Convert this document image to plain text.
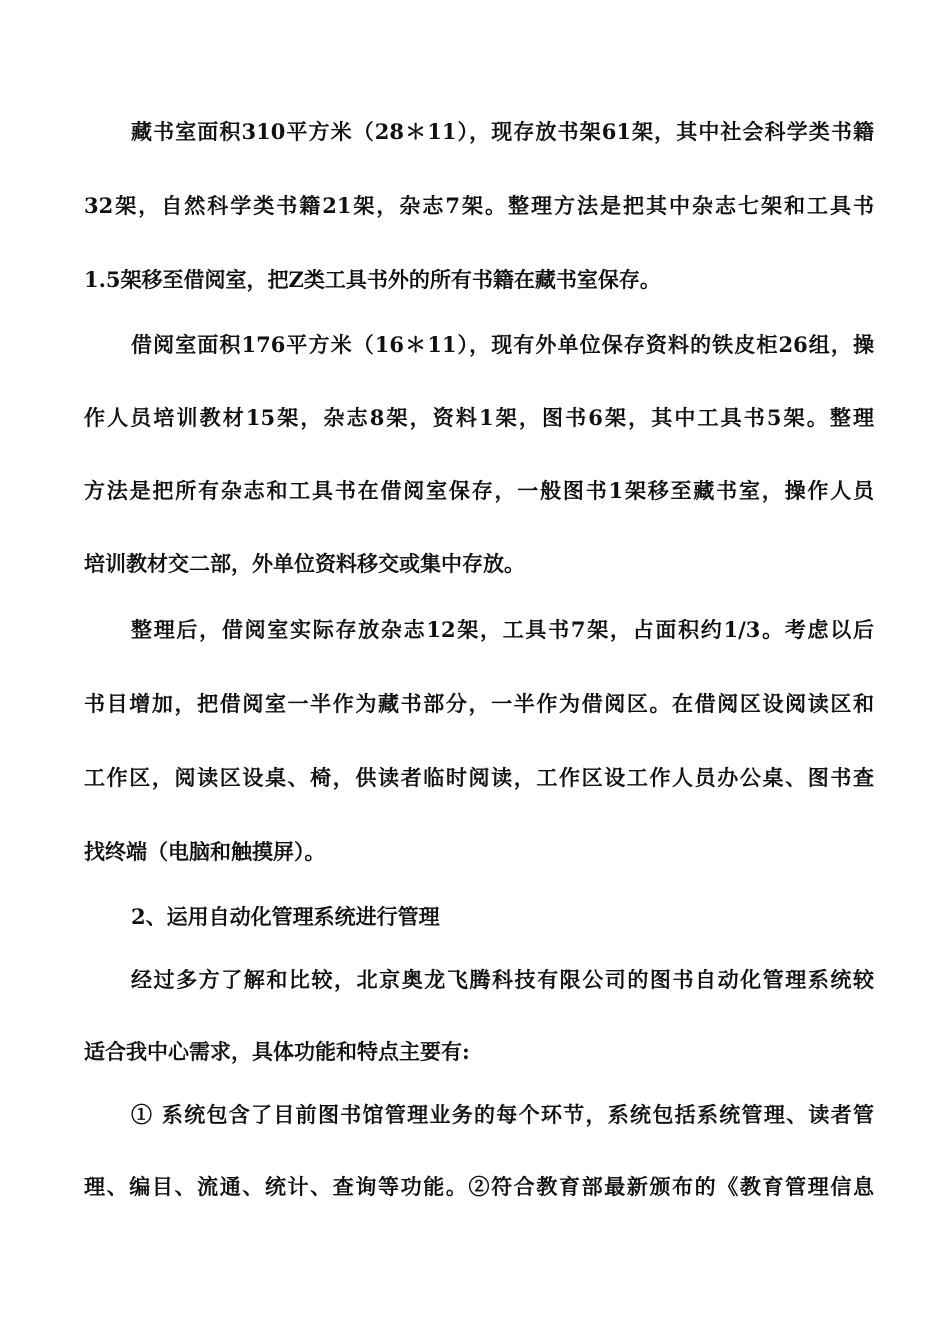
藏书室面积310平方米（28＊11），现存放书架61架，其中社会科学类书籍
32架，自然科学类书籍21架，杂志7架。整理方法是把其中杂志七架和工具书
1.5架移至借阅室，把Z类工具书外的所有书籍在藏书室保存。
借阅室面积176平方米（16＊11），现有外单位保存资料的铁皮柜26组，操
作人员培训教材15架，杂志8架，资料1架，图书6架，其中工具书5架。整理
方法是把所有杂志和工具书在借阅室保存，一般图书1架移至藏书室，操作人员
培训教材交二部，外单位资料移交或集中存放。
整理后，借阅室实际存放杂志12架，工具书7架，占面积约1/3。考虑以后
书目增加，把借阅室一半作为藏书部分，一半作为借阅区。在借阅区设阅读区和
工作区，阅读区设桌、椅，供读者临时阅读，工作区设工作人员办公桌、图书查
找终端（电脑和触摸屏）。
2、运用自动化管理系统进行管理
经过多方了解和比较，北京奥龙飞腾科技有限公司的图书自动化管理系统较
适合我中心需求，具体功能和特点主要有:
① 系统包含了目前图书馆管理业务的每个环节，系统包括系统管理、读者管
理、编目、流通、统计、查询等功能。②符合教育部最新颁布的《教育管理信息
